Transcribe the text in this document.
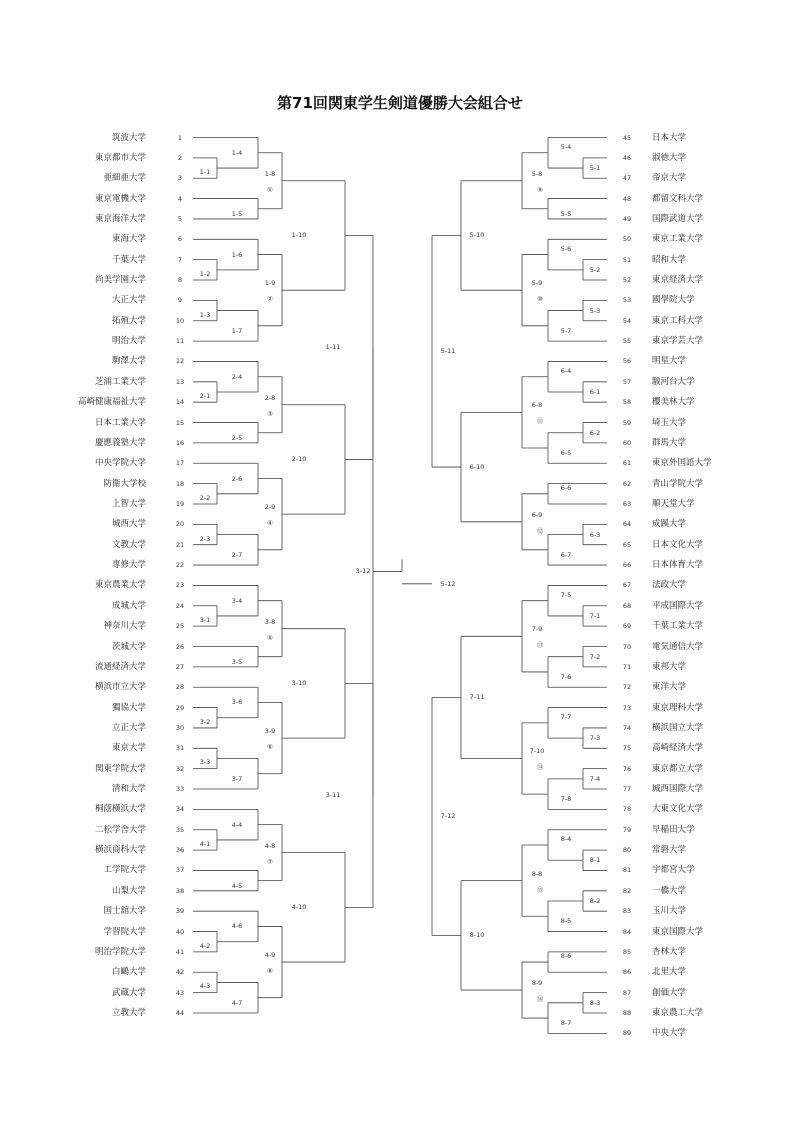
第71回関東学生剣道優勝大会組合せ
筑波大学	1
東京都市大学	2
亜細亜大学	3
東京電機大学	4
東京海洋大学	5
東海大学	6
千葉大学	7
尚美学園大学	8
大正大学	9
拓殖大学	10
明治大学	11
駒澤大学	12
芝浦工業大学	13
高崎健康福祉大学	14
日本工業大学	15
慶應義塾大学	16
中央学院大学	17
防衛大学校	18
上智大学	19
城西大学	20
文教大学	21
専修大学	22
東京農業大学	23
成城大学	24
神奈川大学	25
茨城大学	26
流通経済大学	27
横浜市立大学	28
獨協大学	29
立正大学	30
東京大学	31
関東学院大学	32
清和大学	33
桐蔭横浜大学	34
二松学舎大学	35
横浜商科大学	36
工学院大学	37
山梨大学	38
国士舘大学	39
学習院大学	40
明治学院大学	41
白鷗大学	42
武蔵大学	43
立教大学	44
45	日本大学
46	淑徳大学
47	帝京大学
48	都留文科大学
49	国際武道大学
50	東京工業大学
51	昭和大学
52	東京経済大学
53	國學院大学
54	東京工科大学
55	東京学芸大学
56	明星大学
57	駿河台大学
58	櫻美林大学
59	埼玉大学
60	群馬大学
61	東京外国語大学
62	青山学院大学
63	順天堂大学
64	成蹊大学
65	日本文化大学
66	日本体育大学
67	法政大学
68	平成国際大学
69	千葉工業大学
70	電気通信大学
71	東邦大学
72	東洋大学
73	東京理科大学
74	横浜国立大学
75	高崎経済大学
76	東京都立大学
77	城西国際大学
78	大東文化大学
79	早稲田大学
80	常磐大学
81	宇都宮大学
82	一橋大学
83	玉川大学
84	東京国際大学
85	杏林大学
86	北里大学
87	創価大学
88	東京農工大学
89	中央大学
1-1
1-4
1-5
1-8
①
1-2
1-6
1-3
1-7
1-9
②
1-10
2-1
2-4
2-5
2-8
③
2-2
2-6
2-3
2-7
2-9
④
2-10
3-1
3-4
3-5
3-8
⑤
3-2
3-6
3-3
3-7
3-9
⑥
3-10
4-1
4-4
4-5
4-8
⑦
4-2
4-6
4-3
4-7
4-9
⑧
4-10
1-11
3-11
5-1
5-4
5-5
5-8
⑨
5-2
5-6
5-3
5-7
5-9
⑩
6-1
6-4
6-2
6-5
6-8
⑪
6-6
6-3
6-7
6-9
⑫
7-1
7-5
7-2
7-6
7-9
⑬
7-3
7-7
7-4
7-8
7-10
⑭
8-1
8-4
8-2
8-5
8-8
⑮
8-6
8-3
8-7
8-9
⑯
5-10
6-10
7-11
8-10
5-11
7-12
3-12
5-12
